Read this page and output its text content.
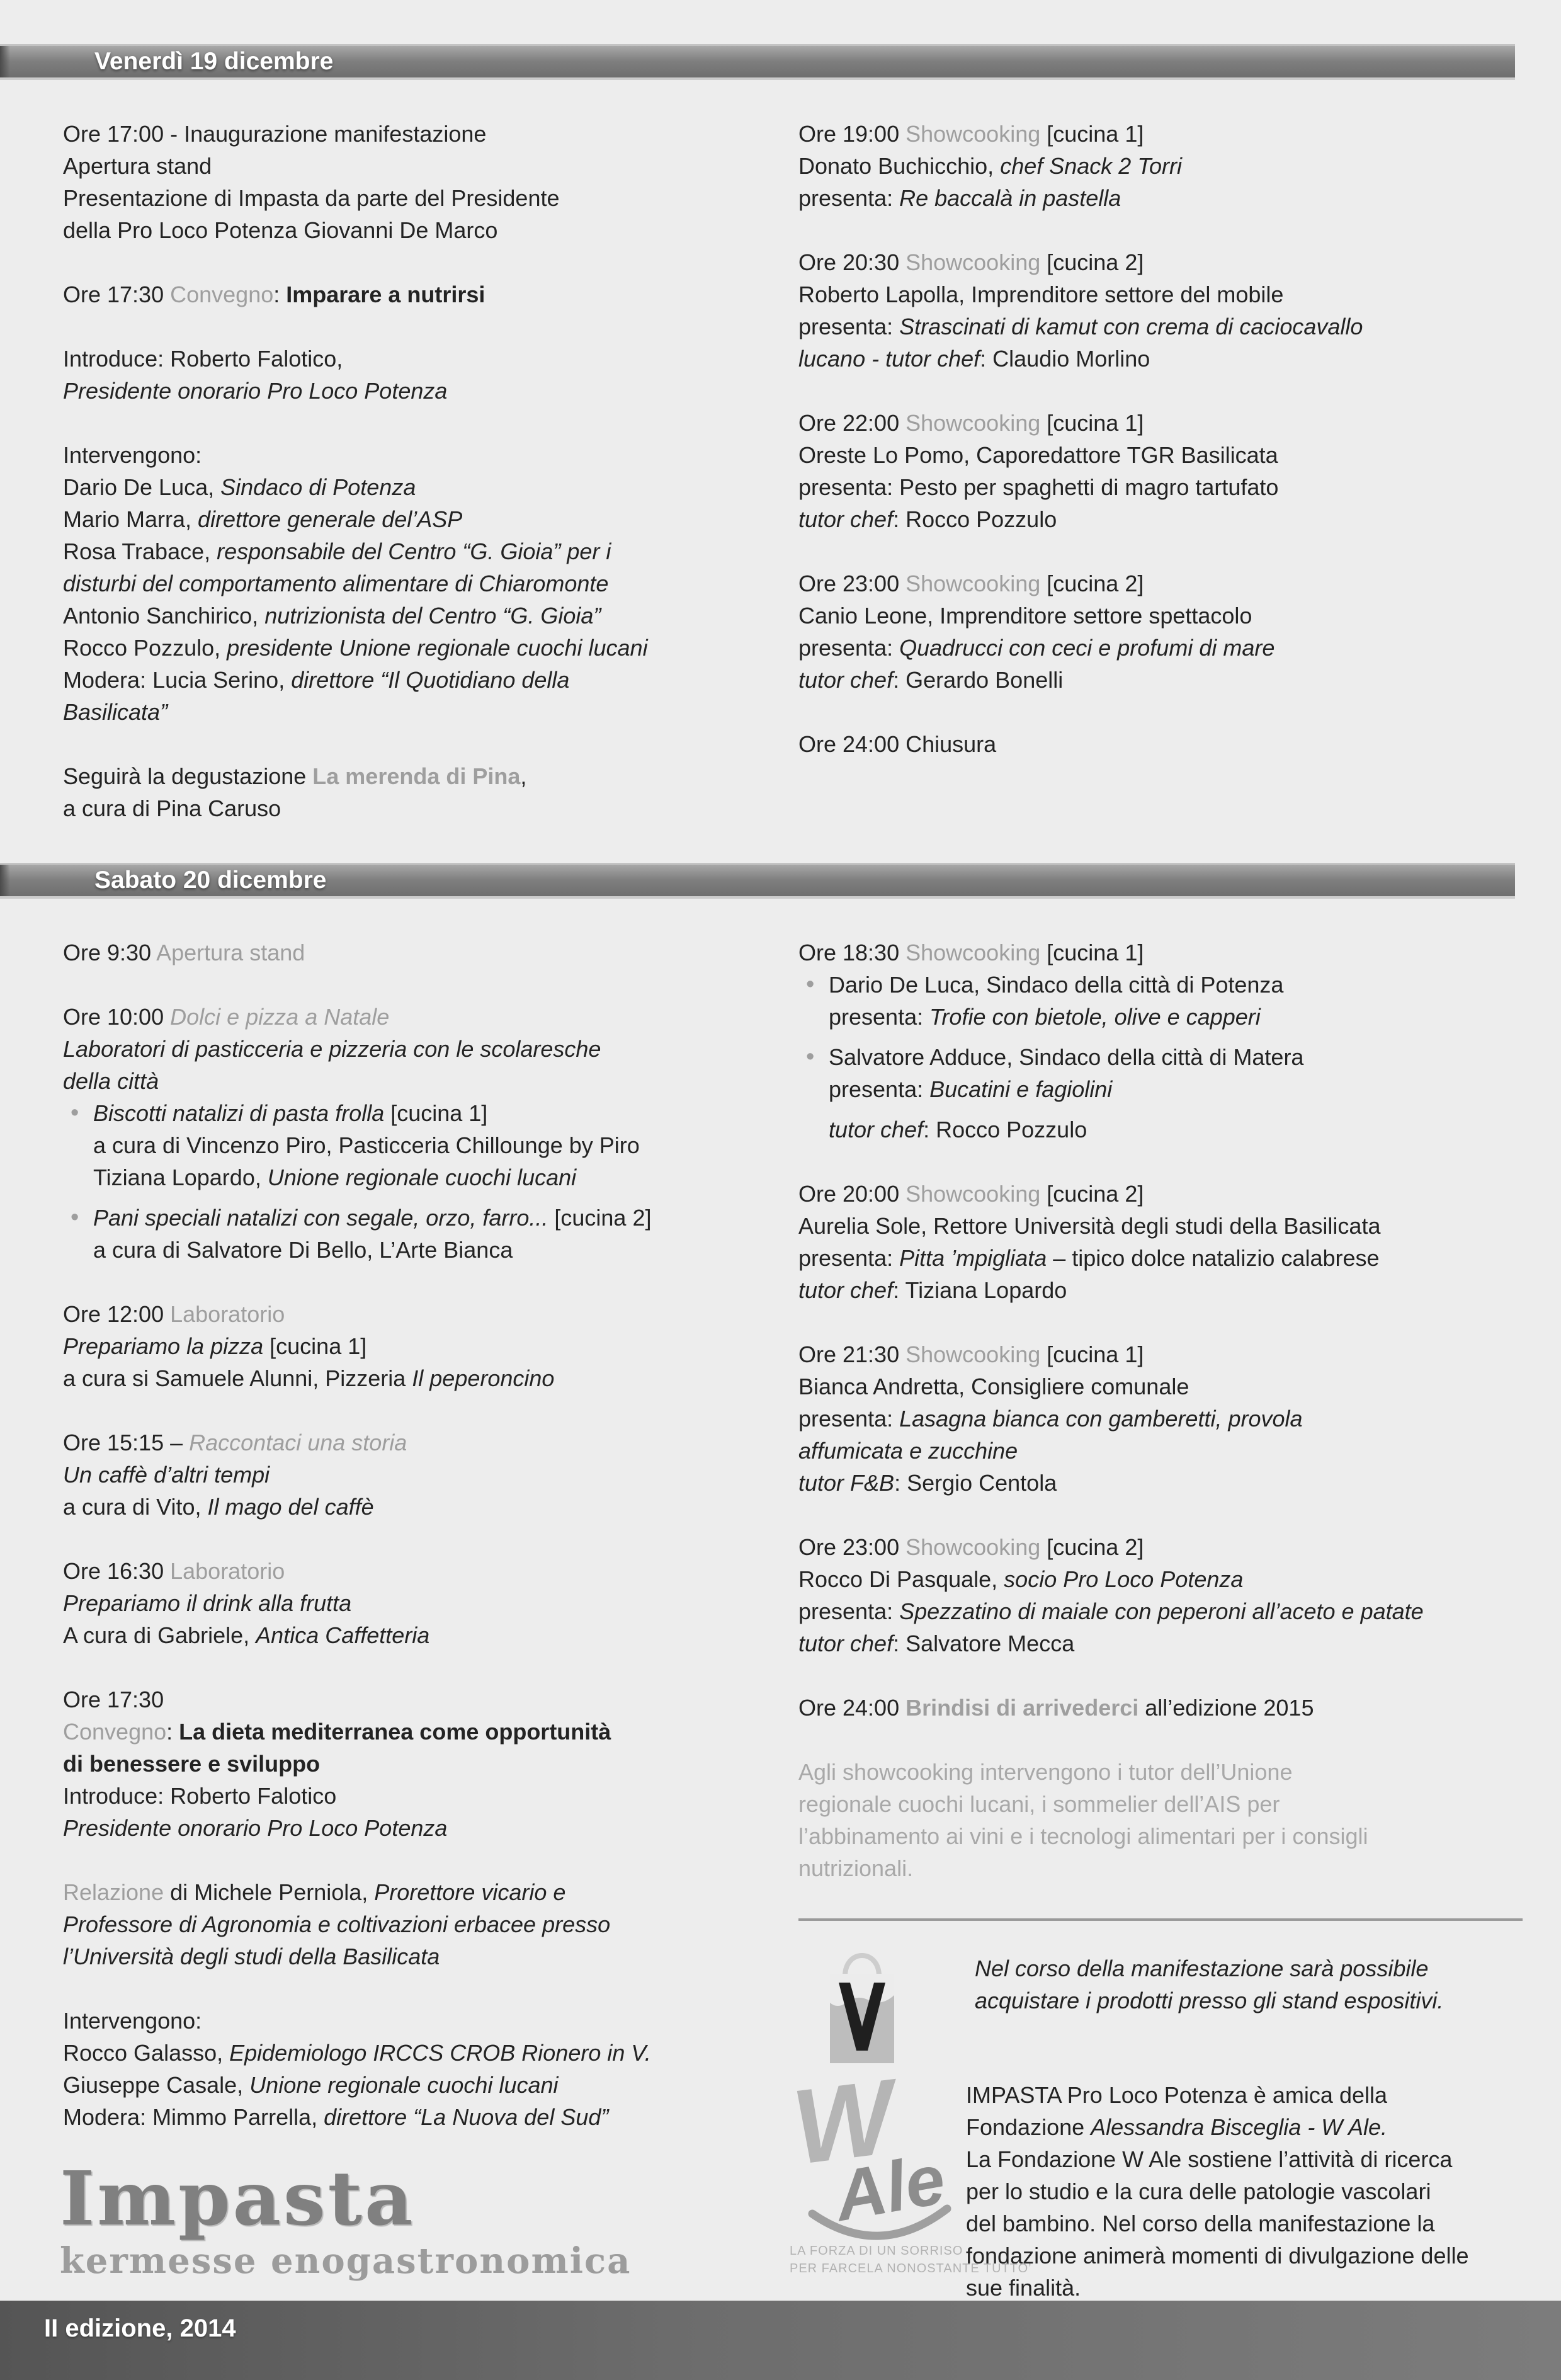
Venerdì 19 dicembre
Ore 17:00 - Inaugurazione manifestazione
Apertura stand
Presentazione di Impasta da parte del Presidente
della Pro Loco Potenza Giovanni De Marco
Ore 17:30 Convegno: Imparare a nutrirsi
Introduce: Roberto Falotico,
Presidente onorario Pro Loco Potenza
Intervengono:
Dario De Luca, Sindaco di Potenza
Mario Marra, direttore generale del’ASP
Rosa Trabace, responsabile del Centro “G. Gioia” per i
disturbi del comportamento alimentare di Chiaromonte
Antonio Sanchirico, nutrizionista del Centro “G. Gioia”
Rocco Pozzulo, presidente Unione regionale cuochi lucani
Modera: Lucia Serino, direttore “Il Quotidiano della
Basilicata”
Seguirà la degustazione La merenda di Pina,
a cura di Pina Caruso
Ore 19:00 Showcooking [cucina 1]
Donato Buchicchio, chef Snack 2 Torri
presenta: Re baccalà in pastella
Ore 20:30 Showcooking [cucina 2]
Roberto Lapolla, Imprenditore settore del mobile
presenta: Strascinati di kamut con crema di caciocavallo
lucano - tutor chef: Claudio Morlino
Ore 22:00 Showcooking [cucina 1]
Oreste Lo Pomo, Caporedattore TGR Basilicata
presenta: Pesto per spaghetti di magro tartufato
tutor chef: Rocco Pozzulo
Ore 23:00 Showcooking [cucina 2]
Canio Leone, Imprenditore settore spettacolo
presenta: Quadrucci con ceci e profumi di mare
tutor chef: Gerardo Bonelli
Ore 24:00 Chiusura
Sabato 20 dicembre
Ore 9:30 Apertura stand
Ore 10:00 Dolci e pizza a Natale
Laboratori di pasticceria e pizzeria con le scolaresche
della città
• Biscotti natalizi di pasta frolla [cucina 1]
a cura di Vincenzo Piro, Pasticceria Chillounge by Piro
Tiziana Lopardo, Unione regionale cuochi lucani
• Pani speciali natalizi con segale, orzo, farro... [cucina 2]
a cura di Salvatore Di Bello, L’Arte Bianca
Ore 12:00 Laboratorio
Prepariamo la pizza [cucina 1]
a cura si Samuele Alunni, Pizzeria Il peperoncino
Ore 15:15 – Raccontaci una storia
Un caffè d’altri tempi
a cura di Vito, Il mago del caffè
Ore 16:30 Laboratorio
Prepariamo il drink alla frutta
A cura di Gabriele, Antica Caffetteria
Ore 17:30
Convegno: La dieta mediterranea come opportunità
di benessere e sviluppo
Introduce: Roberto Falotico
Presidente onorario Pro Loco Potenza
Relazione di Michele Perniola, Prorettore vicario e
Professore di Agronomia e coltivazioni erbacee presso
l’Università degli studi della Basilicata
Intervengono:
Rocco Galasso, Epidemiologo IRCCS CROB Rionero in V.
Giuseppe Casale, Unione regionale cuochi lucani
Modera: Mimmo Parrella, direttore “La Nuova del Sud”
Ore 18:30 Showcooking [cucina 1]
• Dario De Luca, Sindaco della città di Potenza
presenta: Trofie con bietole, olive e capperi
• Salvatore Adduce, Sindaco della città di Matera
presenta: Bucatini e fagiolini
tutor chef: Rocco Pozzulo
Ore 20:00 Showcooking [cucina 2]
Aurelia Sole, Rettore Università degli studi della Basilicata
presenta: Pitta ’mpigliata – tipico dolce natalizio calabrese
tutor chef: Tiziana Lopardo
Ore 21:30 Showcooking [cucina 1]
Bianca Andretta, Consigliere comunale
presenta: Lasagna bianca con gamberetti, provola
affumicata e zucchine
tutor F&B: Sergio Centola
Ore 23:00 Showcooking [cucina 2]
Rocco Di Pasquale, socio Pro Loco Potenza
presenta: Spezzatino di maiale con peperoni all’aceto e patate
tutor chef: Salvatore Mecca
Ore 24:00 Brindisi di arrivederci all’edizione 2015
Agli showcooking intervengono i tutor dell’Unione
regionale cuochi lucani, i sommelier dell’AIS per
l’abbinamento ai vini e i tecnologi alimentari per i consigli
nutrizionali.
Nel corso della manifestazione sarà possibile
acquistare i prodotti presso gli stand espositivi.
W
Ale
LA FORZA DI UN SORRISO
PER FARCELA NONOSTANTE TUTTO’
IMPASTA Pro Loco Potenza è amica della
Fondazione Alessandra Bisceglia - W Ale.
La Fondazione W Ale sostiene l’attività di ricerca
per lo studio e la cura delle patologie vascolari
del bambino. Nel corso della manifestazione la
fondazione animerà momenti di divulgazione delle
sue finalità.
Impasta
kermesse enogastronomica
II edizione, 2014
